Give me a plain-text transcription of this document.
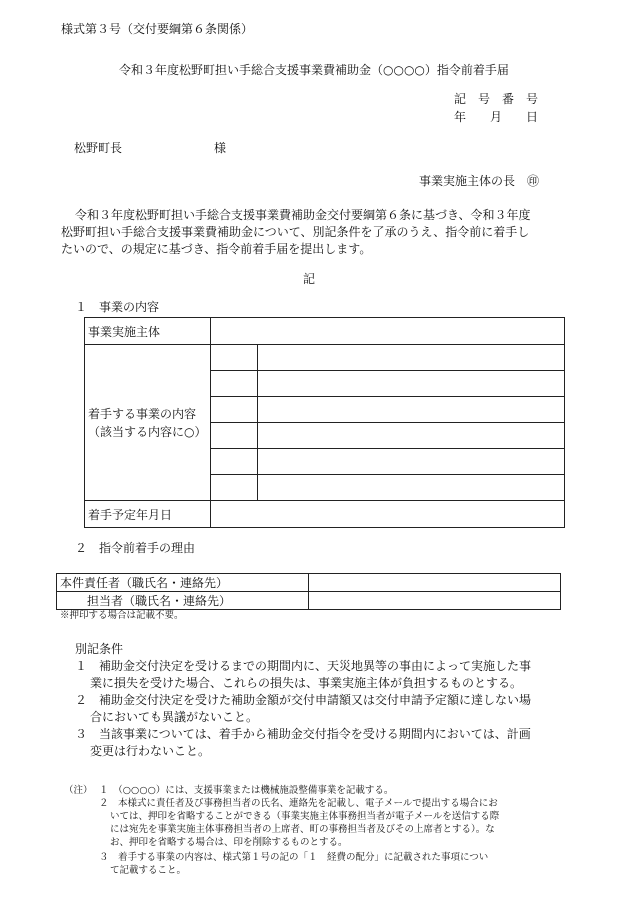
様式第３号（交付要綱第６条関係）
令和３年度松野町担い手総合支援事業費補助金（○○○○）指令前着手届
記　号　番　号
年　　月　　日
松野町長	様
事業実施主体の長　㊞
令和３年度松野町担い手総合支援事業費補助金交付要綱第６条に基づき、令和３年度
松野町担い手総合支援事業費補助金について、別記条件を了承のうえ、指令前に着手し
たいので、の規定に基づき、指令前着手届を提出します。
記
１　事業の内容
事業実施主体		
着手する事業の内容
（該当する内容に○）		

着手予定年月日		
２　指令前着手の理由
本件責任者（職氏名・連絡先）	
担当者（職氏名・連絡先）	
※押印する場合は記載不要。
別記条件
１　補助金交付決定を受けるまでの期間内に、天災地異等の事由によって実施した事
業に損失を受けた場合、これらの損失は、事業実施主体が負担するものとする。
２　補助金交付決定を受けた補助金額が交付申請額又は交付申請予定額に達しない場
合においても異議がないこと。
３　当該事業については、着手から補助金交付指令を受ける期間内においては、計画
変更は行わないこと。
（注） １　（○○○○）には、支援事業または機械施設整備事業を記載する。
２　本様式に責任者及び事務担当者の氏名、連絡先を記載し、電子メールで提出する場合にお
いては、押印を省略することができる（事業実施主体事務担当者が電子メールを送信する際
には宛先を事業実施主体事務担当者の上席者、町の事務担当者及びその上席者とする）。な
お、押印を省略する場合は、印を削除するものとする。
３　着手する事業の内容は、様式第１号の記の「１　経費の配分」に記載された事項につい
て記載すること。
